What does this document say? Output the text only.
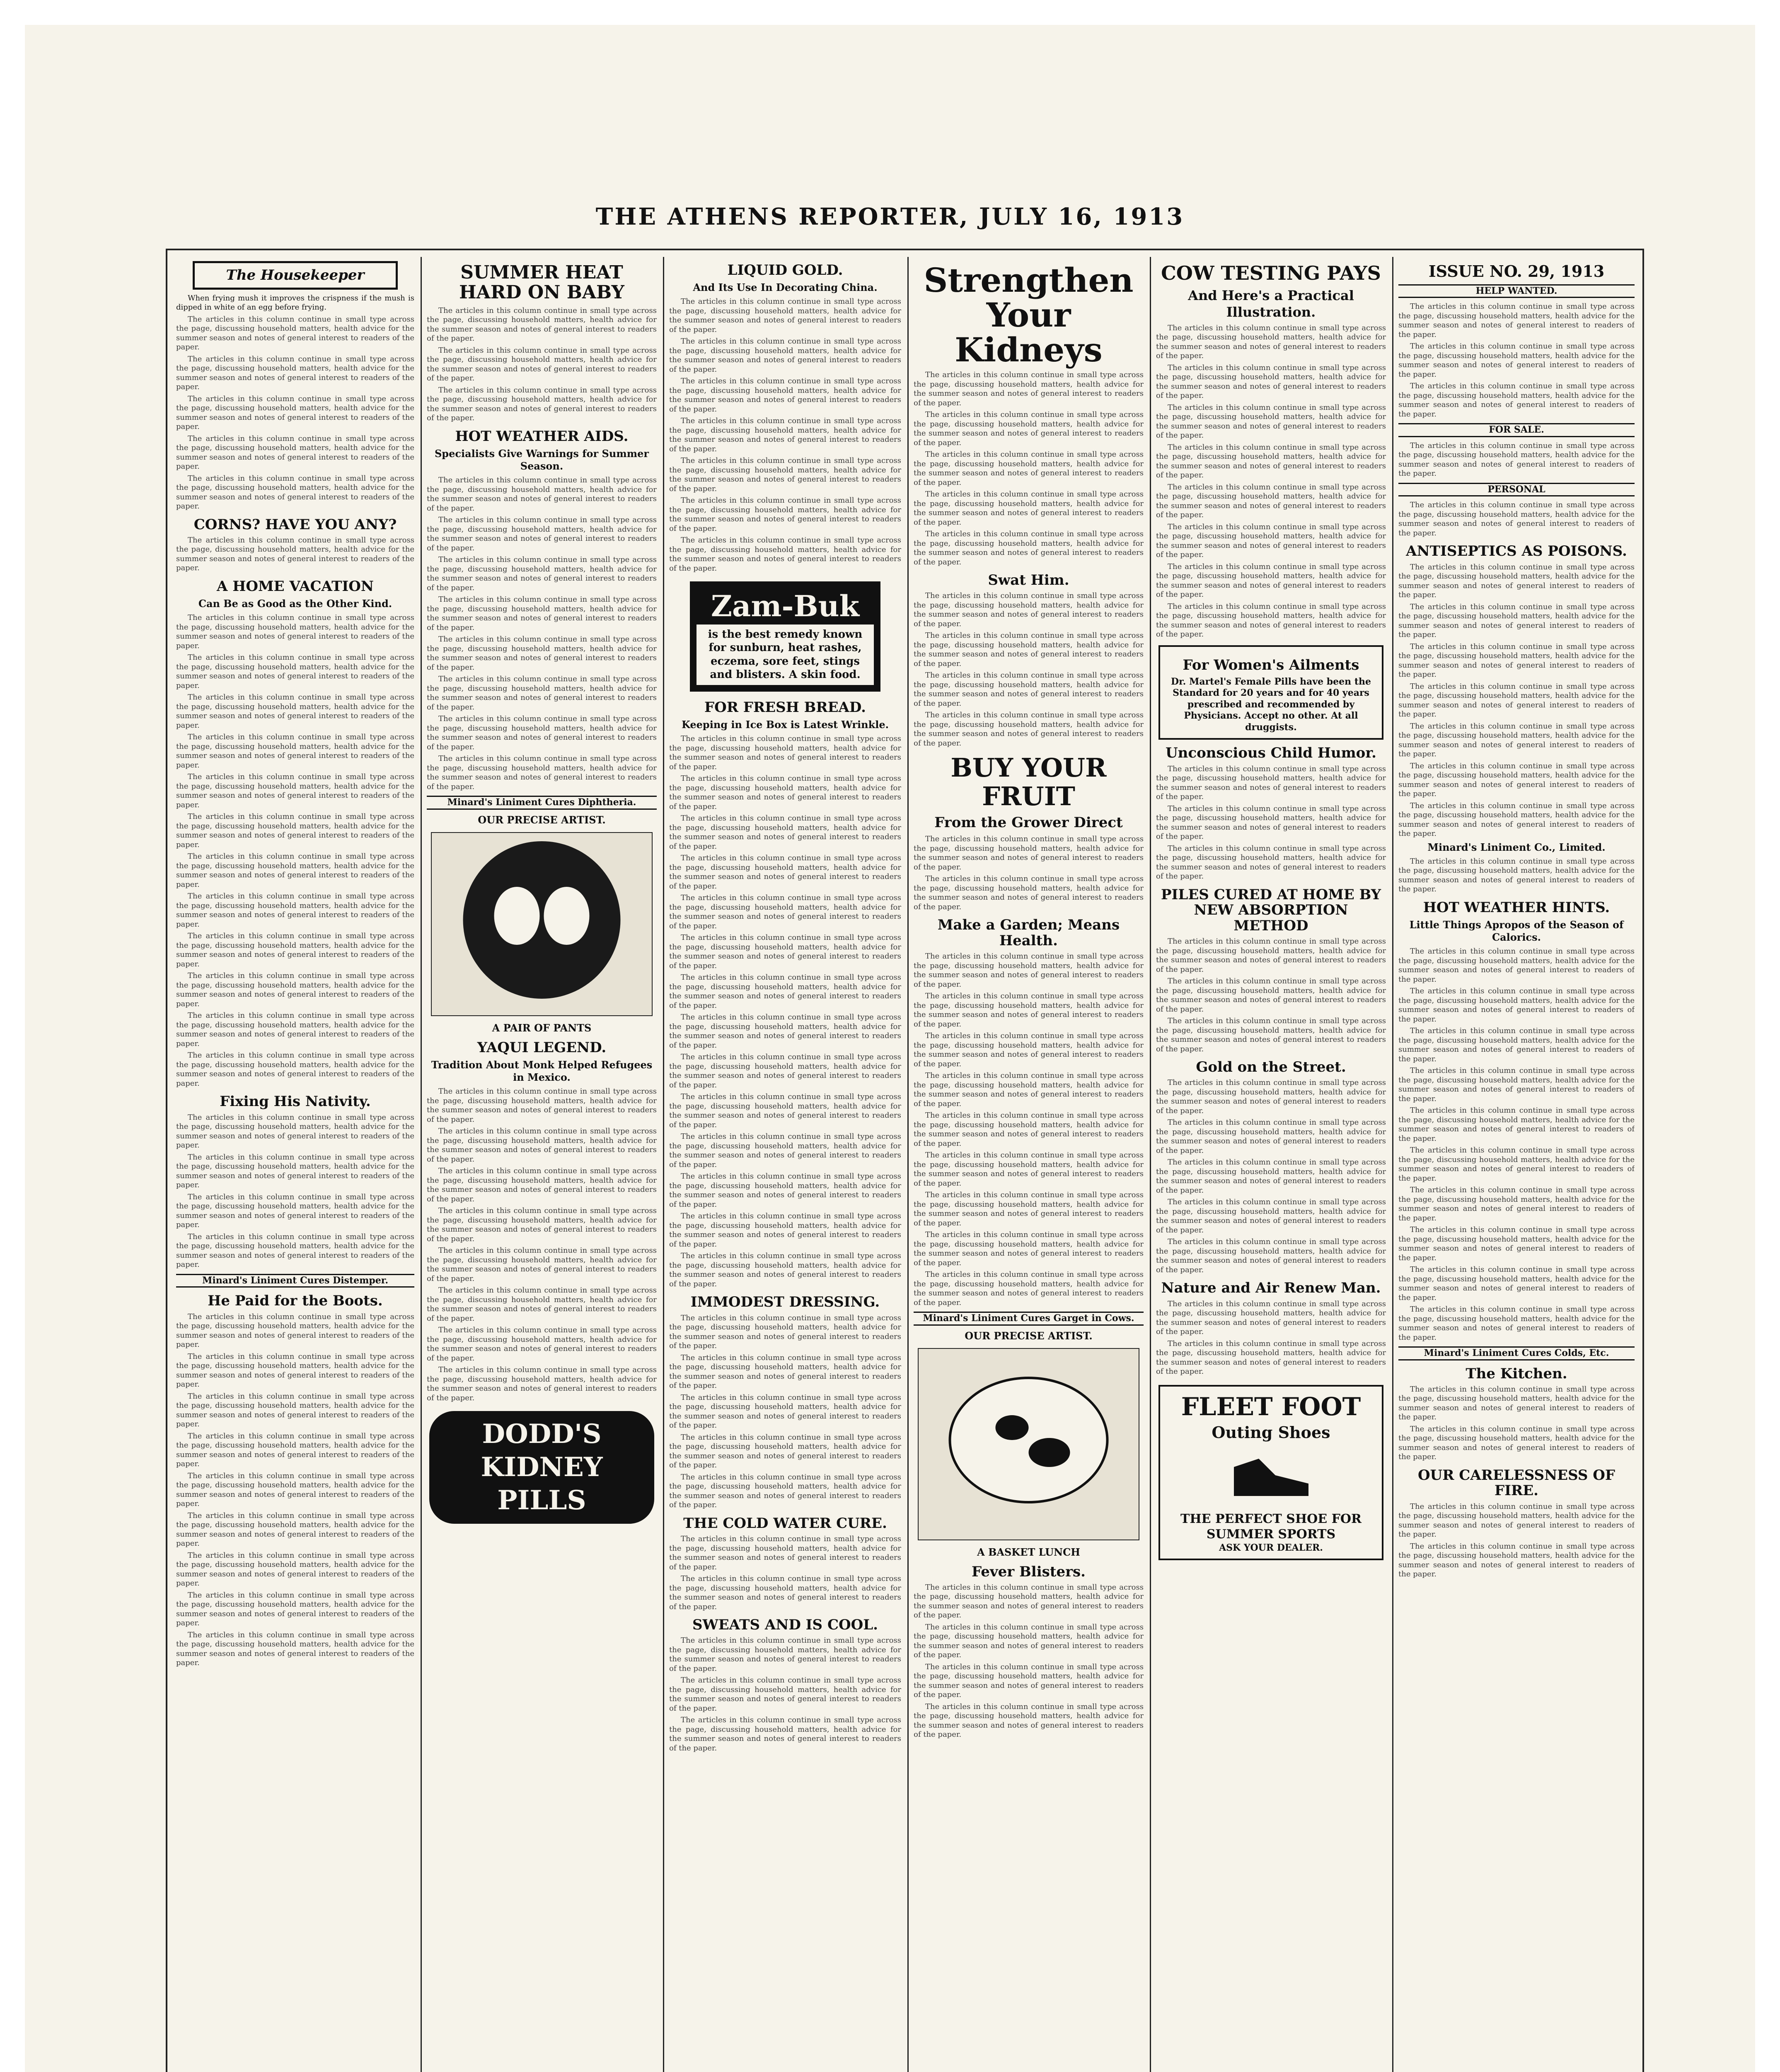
THE ATHENS REPORTER, JULY 16, 1913
The Housekeeper

When frying mush it improves the crispness if the mush is dipped in white of an egg before frying.

The articles in this column continue in small type across the page, discussing household matters, health advice for the summer season and notes of general interest to readers of the paper.

The articles in this column continue in small type across the page, discussing household matters, health advice for the summer season and notes of general interest to readers of the paper.

The articles in this column continue in small type across the page, discussing household matters, health advice for the summer season and notes of general interest to readers of the paper.

The articles in this column continue in small type across the page, discussing household matters, health advice for the summer season and notes of general interest to readers of the paper.

The articles in this column continue in small type across the page, discussing household matters, health advice for the summer season and notes of general interest to readers of the paper.

CORNS? HAVE YOU ANY?

The articles in this column continue in small type across the page, discussing household matters, health advice for the summer season and notes of general interest to readers of the paper.

A HOME VACATION
Can Be as Good as the Other Kind.

The articles in this column continue in small type across the page, discussing household matters, health advice for the summer season and notes of general interest to readers of the paper.

The articles in this column continue in small type across the page, discussing household matters, health advice for the summer season and notes of general interest to readers of the paper.

The articles in this column continue in small type across the page, discussing household matters, health advice for the summer season and notes of general interest to readers of the paper.

The articles in this column continue in small type across the page, discussing household matters, health advice for the summer season and notes of general interest to readers of the paper.

The articles in this column continue in small type across the page, discussing household matters, health advice for the summer season and notes of general interest to readers of the paper.

The articles in this column continue in small type across the page, discussing household matters, health advice for the summer season and notes of general interest to readers of the paper.

The articles in this column continue in small type across the page, discussing household matters, health advice for the summer season and notes of general interest to readers of the paper.

The articles in this column continue in small type across the page, discussing household matters, health advice for the summer season and notes of general interest to readers of the paper.

The articles in this column continue in small type across the page, discussing household matters, health advice for the summer season and notes of general interest to readers of the paper.

The articles in this column continue in small type across the page, discussing household matters, health advice for the summer season and notes of general interest to readers of the paper.

The articles in this column continue in small type across the page, discussing household matters, health advice for the summer season and notes of general interest to readers of the paper.

The articles in this column continue in small type across the page, discussing household matters, health advice for the summer season and notes of general interest to readers of the paper.

Fixing His Nativity.

The articles in this column continue in small type across the page, discussing household matters, health advice for the summer season and notes of general interest to readers of the paper.

The articles in this column continue in small type across the page, discussing household matters, health advice for the summer season and notes of general interest to readers of the paper.

The articles in this column continue in small type across the page, discussing household matters, health advice for the summer season and notes of general interest to readers of the paper.

The articles in this column continue in small type across the page, discussing household matters, health advice for the summer season and notes of general interest to readers of the paper.

Minard's Liniment Cures Distemper.
He Paid for the Boots.

The articles in this column continue in small type across the page, discussing household matters, health advice for the summer season and notes of general interest to readers of the paper.

The articles in this column continue in small type across the page, discussing household matters, health advice for the summer season and notes of general interest to readers of the paper.

The articles in this column continue in small type across the page, discussing household matters, health advice for the summer season and notes of general interest to readers of the paper.

The articles in this column continue in small type across the page, discussing household matters, health advice for the summer season and notes of general interest to readers of the paper.

The articles in this column continue in small type across the page, discussing household matters, health advice for the summer season and notes of general interest to readers of the paper.

The articles in this column continue in small type across the page, discussing household matters, health advice for the summer season and notes of general interest to readers of the paper.

The articles in this column continue in small type across the page, discussing household matters, health advice for the summer season and notes of general interest to readers of the paper.

The articles in this column continue in small type across the page, discussing household matters, health advice for the summer season and notes of general interest to readers of the paper.

The articles in this column continue in small type across the page, discussing household matters, health advice for the summer season and notes of general interest to readers of the paper.

SUMMER HEAT HARD ON BABY

The articles in this column continue in small type across the page, discussing household matters, health advice for the summer season and notes of general interest to readers of the paper.

The articles in this column continue in small type across the page, discussing household matters, health advice for the summer season and notes of general interest to readers of the paper.

The articles in this column continue in small type across the page, discussing household matters, health advice for the summer season and notes of general interest to readers of the paper.

HOT WEATHER AIDS.
Specialists Give Warnings for Summer Season.

The articles in this column continue in small type across the page, discussing household matters, health advice for the summer season and notes of general interest to readers of the paper.

The articles in this column continue in small type across the page, discussing household matters, health advice for the summer season and notes of general interest to readers of the paper.

The articles in this column continue in small type across the page, discussing household matters, health advice for the summer season and notes of general interest to readers of the paper.

The articles in this column continue in small type across the page, discussing household matters, health advice for the summer season and notes of general interest to readers of the paper.

The articles in this column continue in small type across the page, discussing household matters, health advice for the summer season and notes of general interest to readers of the paper.

The articles in this column continue in small type across the page, discussing household matters, health advice for the summer season and notes of general interest to readers of the paper.

The articles in this column continue in small type across the page, discussing household matters, health advice for the summer season and notes of general interest to readers of the paper.

The articles in this column continue in small type across the page, discussing household matters, health advice for the summer season and notes of general interest to readers of the paper.

Minard's Liniment Cures Diphtheria.
OUR PRECISE ARTIST.
A PAIR OF PANTS
YAQUI LEGEND.
Tradition About Monk Helped Refugees in Mexico.

The articles in this column continue in small type across the page, discussing household matters, health advice for the summer season and notes of general interest to readers of the paper.

The articles in this column continue in small type across the page, discussing household matters, health advice for the summer season and notes of general interest to readers of the paper.

The articles in this column continue in small type across the page, discussing household matters, health advice for the summer season and notes of general interest to readers of the paper.

The articles in this column continue in small type across the page, discussing household matters, health advice for the summer season and notes of general interest to readers of the paper.

The articles in this column continue in small type across the page, discussing household matters, health advice for the summer season and notes of general interest to readers of the paper.

The articles in this column continue in small type across the page, discussing household matters, health advice for the summer season and notes of general interest to readers of the paper.

The articles in this column continue in small type across the page, discussing household matters, health advice for the summer season and notes of general interest to readers of the paper.

The articles in this column continue in small type across the page, discussing household matters, health advice for the summer season and notes of general interest to readers of the paper.

DODD'S
KIDNEY
PILLS
LIQUID GOLD.
And Its Use In Decorating China.

The articles in this column continue in small type across the page, discussing household matters, health advice for the summer season and notes of general interest to readers of the paper.

The articles in this column continue in small type across the page, discussing household matters, health advice for the summer season and notes of general interest to readers of the paper.

The articles in this column continue in small type across the page, discussing household matters, health advice for the summer season and notes of general interest to readers of the paper.

The articles in this column continue in small type across the page, discussing household matters, health advice for the summer season and notes of general interest to readers of the paper.

The articles in this column continue in small type across the page, discussing household matters, health advice for the summer season and notes of general interest to readers of the paper.

The articles in this column continue in small type across the page, discussing household matters, health advice for the summer season and notes of general interest to readers of the paper.

The articles in this column continue in small type across the page, discussing household matters, health advice for the summer season and notes of general interest to readers of the paper.

Zam-Buk
is the best remedy known for sunburn, heat rashes, eczema, sore feet, stings and blisters. A skin food.
FOR FRESH BREAD.
Keeping in Ice Box is Latest Wrinkle.

The articles in this column continue in small type across the page, discussing household matters, health advice for the summer season and notes of general interest to readers of the paper.

The articles in this column continue in small type across the page, discussing household matters, health advice for the summer season and notes of general interest to readers of the paper.

The articles in this column continue in small type across the page, discussing household matters, health advice for the summer season and notes of general interest to readers of the paper.

The articles in this column continue in small type across the page, discussing household matters, health advice for the summer season and notes of general interest to readers of the paper.

The articles in this column continue in small type across the page, discussing household matters, health advice for the summer season and notes of general interest to readers of the paper.

The articles in this column continue in small type across the page, discussing household matters, health advice for the summer season and notes of general interest to readers of the paper.

The articles in this column continue in small type across the page, discussing household matters, health advice for the summer season and notes of general interest to readers of the paper.

The articles in this column continue in small type across the page, discussing household matters, health advice for the summer season and notes of general interest to readers of the paper.

The articles in this column continue in small type across the page, discussing household matters, health advice for the summer season and notes of general interest to readers of the paper.

The articles in this column continue in small type across the page, discussing household matters, health advice for the summer season and notes of general interest to readers of the paper.

The articles in this column continue in small type across the page, discussing household matters, health advice for the summer season and notes of general interest to readers of the paper.

The articles in this column continue in small type across the page, discussing household matters, health advice for the summer season and notes of general interest to readers of the paper.

The articles in this column continue in small type across the page, discussing household matters, health advice for the summer season and notes of general interest to readers of the paper.

The articles in this column continue in small type across the page, discussing household matters, health advice for the summer season and notes of general interest to readers of the paper.

IMMODEST DRESSING.

The articles in this column continue in small type across the page, discussing household matters, health advice for the summer season and notes of general interest to readers of the paper.

The articles in this column continue in small type across the page, discussing household matters, health advice for the summer season and notes of general interest to readers of the paper.

The articles in this column continue in small type across the page, discussing household matters, health advice for the summer season and notes of general interest to readers of the paper.

The articles in this column continue in small type across the page, discussing household matters, health advice for the summer season and notes of general interest to readers of the paper.

The articles in this column continue in small type across the page, discussing household matters, health advice for the summer season and notes of general interest to readers of the paper.

THE COLD WATER CURE.

The articles in this column continue in small type across the page, discussing household matters, health advice for the summer season and notes of general interest to readers of the paper.

The articles in this column continue in small type across the page, discussing household matters, health advice for the summer season and notes of general interest to readers of the paper.

SWEATS AND IS COOL.

The articles in this column continue in small type across the page, discussing household matters, health advice for the summer season and notes of general interest to readers of the paper.

The articles in this column continue in small type across the page, discussing household matters, health advice for the summer season and notes of general interest to readers of the paper.

The articles in this column continue in small type across the page, discussing household matters, health advice for the summer season and notes of general interest to readers of the paper.

Strengthen Your Kidneys

The articles in this column continue in small type across the page, discussing household matters, health advice for the summer season and notes of general interest to readers of the paper.

The articles in this column continue in small type across the page, discussing household matters, health advice for the summer season and notes of general interest to readers of the paper.

The articles in this column continue in small type across the page, discussing household matters, health advice for the summer season and notes of general interest to readers of the paper.

The articles in this column continue in small type across the page, discussing household matters, health advice for the summer season and notes of general interest to readers of the paper.

The articles in this column continue in small type across the page, discussing household matters, health advice for the summer season and notes of general interest to readers of the paper.

Swat Him.

The articles in this column continue in small type across the page, discussing household matters, health advice for the summer season and notes of general interest to readers of the paper.

The articles in this column continue in small type across the page, discussing household matters, health advice for the summer season and notes of general interest to readers of the paper.

The articles in this column continue in small type across the page, discussing household matters, health advice for the summer season and notes of general interest to readers of the paper.

The articles in this column continue in small type across the page, discussing household matters, health advice for the summer season and notes of general interest to readers of the paper.

BUY YOUR FRUIT
From the Grower Direct

The articles in this column continue in small type across the page, discussing household matters, health advice for the summer season and notes of general interest to readers of the paper.

The articles in this column continue in small type across the page, discussing household matters, health advice for the summer season and notes of general interest to readers of the paper.

Make a Garden; Means Health.

The articles in this column continue in small type across the page, discussing household matters, health advice for the summer season and notes of general interest to readers of the paper.

The articles in this column continue in small type across the page, discussing household matters, health advice for the summer season and notes of general interest to readers of the paper.

The articles in this column continue in small type across the page, discussing household matters, health advice for the summer season and notes of general interest to readers of the paper.

The articles in this column continue in small type across the page, discussing household matters, health advice for the summer season and notes of general interest to readers of the paper.

The articles in this column continue in small type across the page, discussing household matters, health advice for the summer season and notes of general interest to readers of the paper.

The articles in this column continue in small type across the page, discussing household matters, health advice for the summer season and notes of general interest to readers of the paper.

The articles in this column continue in small type across the page, discussing household matters, health advice for the summer season and notes of general interest to readers of the paper.

The articles in this column continue in small type across the page, discussing household matters, health advice for the summer season and notes of general interest to readers of the paper.

The articles in this column continue in small type across the page, discussing household matters, health advice for the summer season and notes of general interest to readers of the paper.

Minard's Liniment Cures Garget in Cows.
OUR PRECISE ARTIST.
A BASKET LUNCH
Fever Blisters.

The articles in this column continue in small type across the page, discussing household matters, health advice for the summer season and notes of general interest to readers of the paper.

The articles in this column continue in small type across the page, discussing household matters, health advice for the summer season and notes of general interest to readers of the paper.

The articles in this column continue in small type across the page, discussing household matters, health advice for the summer season and notes of general interest to readers of the paper.

The articles in this column continue in small type across the page, discussing household matters, health advice for the summer season and notes of general interest to readers of the paper.

COW TESTING PAYS
And Here's a Practical Illustration.

The articles in this column continue in small type across the page, discussing household matters, health advice for the summer season and notes of general interest to readers of the paper.

The articles in this column continue in small type across the page, discussing household matters, health advice for the summer season and notes of general interest to readers of the paper.

The articles in this column continue in small type across the page, discussing household matters, health advice for the summer season and notes of general interest to readers of the paper.

The articles in this column continue in small type across the page, discussing household matters, health advice for the summer season and notes of general interest to readers of the paper.

The articles in this column continue in small type across the page, discussing household matters, health advice for the summer season and notes of general interest to readers of the paper.

The articles in this column continue in small type across the page, discussing household matters, health advice for the summer season and notes of general interest to readers of the paper.

The articles in this column continue in small type across the page, discussing household matters, health advice for the summer season and notes of general interest to readers of the paper.

The articles in this column continue in small type across the page, discussing household matters, health advice for the summer season and notes of general interest to readers of the paper.

For Women's Ailments
Dr. Martel's Female Pills have been the Standard for 20 years and for 40 years prescribed and recommended by Physicians. Accept no other. At all druggists.
Unconscious Child Humor.

The articles in this column continue in small type across the page, discussing household matters, health advice for the summer season and notes of general interest to readers of the paper.

The articles in this column continue in small type across the page, discussing household matters, health advice for the summer season and notes of general interest to readers of the paper.

The articles in this column continue in small type across the page, discussing household matters, health advice for the summer season and notes of general interest to readers of the paper.

PILES CURED AT HOME BY NEW ABSORPTION METHOD

The articles in this column continue in small type across the page, discussing household matters, health advice for the summer season and notes of general interest to readers of the paper.

The articles in this column continue in small type across the page, discussing household matters, health advice for the summer season and notes of general interest to readers of the paper.

The articles in this column continue in small type across the page, discussing household matters, health advice for the summer season and notes of general interest to readers of the paper.

Gold on the Street.

The articles in this column continue in small type across the page, discussing household matters, health advice for the summer season and notes of general interest to readers of the paper.

The articles in this column continue in small type across the page, discussing household matters, health advice for the summer season and notes of general interest to readers of the paper.

The articles in this column continue in small type across the page, discussing household matters, health advice for the summer season and notes of general interest to readers of the paper.

The articles in this column continue in small type across the page, discussing household matters, health advice for the summer season and notes of general interest to readers of the paper.

The articles in this column continue in small type across the page, discussing household matters, health advice for the summer season and notes of general interest to readers of the paper.

Nature and Air Renew Man.

The articles in this column continue in small type across the page, discussing household matters, health advice for the summer season and notes of general interest to readers of the paper.

The articles in this column continue in small type across the page, discussing household matters, health advice for the summer season and notes of general interest to readers of the paper.

FLEET FOOT
Outing Shoes
THE PERFECT SHOE FOR SUMMER SPORTS
ASK YOUR DEALER.
ISSUE NO. 29, 1913
HELP WANTED.

The articles in this column continue in small type across the page, discussing household matters, health advice for the summer season and notes of general interest to readers of the paper.

The articles in this column continue in small type across the page, discussing household matters, health advice for the summer season and notes of general interest to readers of the paper.

The articles in this column continue in small type across the page, discussing household matters, health advice for the summer season and notes of general interest to readers of the paper.

FOR SALE.

The articles in this column continue in small type across the page, discussing household matters, health advice for the summer season and notes of general interest to readers of the paper.

PERSONAL

The articles in this column continue in small type across the page, discussing household matters, health advice for the summer season and notes of general interest to readers of the paper.

ANTISEPTICS AS POISONS.

The articles in this column continue in small type across the page, discussing household matters, health advice for the summer season and notes of general interest to readers of the paper.

The articles in this column continue in small type across the page, discussing household matters, health advice for the summer season and notes of general interest to readers of the paper.

The articles in this column continue in small type across the page, discussing household matters, health advice for the summer season and notes of general interest to readers of the paper.

The articles in this column continue in small type across the page, discussing household matters, health advice for the summer season and notes of general interest to readers of the paper.

The articles in this column continue in small type across the page, discussing household matters, health advice for the summer season and notes of general interest to readers of the paper.

The articles in this column continue in small type across the page, discussing household matters, health advice for the summer season and notes of general interest to readers of the paper.

The articles in this column continue in small type across the page, discussing household matters, health advice for the summer season and notes of general interest to readers of the paper.

Minard's Liniment Co., Limited.

The articles in this column continue in small type across the page, discussing household matters, health advice for the summer season and notes of general interest to readers of the paper.

HOT WEATHER HINTS.
Little Things Apropos of the Season of Calorics.

The articles in this column continue in small type across the page, discussing household matters, health advice for the summer season and notes of general interest to readers of the paper.

The articles in this column continue in small type across the page, discussing household matters, health advice for the summer season and notes of general interest to readers of the paper.

The articles in this column continue in small type across the page, discussing household matters, health advice for the summer season and notes of general interest to readers of the paper.

The articles in this column continue in small type across the page, discussing household matters, health advice for the summer season and notes of general interest to readers of the paper.

The articles in this column continue in small type across the page, discussing household matters, health advice for the summer season and notes of general interest to readers of the paper.

The articles in this column continue in small type across the page, discussing household matters, health advice for the summer season and notes of general interest to readers of the paper.

The articles in this column continue in small type across the page, discussing household matters, health advice for the summer season and notes of general interest to readers of the paper.

The articles in this column continue in small type across the page, discussing household matters, health advice for the summer season and notes of general interest to readers of the paper.

The articles in this column continue in small type across the page, discussing household matters, health advice for the summer season and notes of general interest to readers of the paper.

The articles in this column continue in small type across the page, discussing household matters, health advice for the summer season and notes of general interest to readers of the paper.

Minard's Liniment Cures Colds, Etc.
The Kitchen.

The articles in this column continue in small type across the page, discussing household matters, health advice for the summer season and notes of general interest to readers of the paper.

The articles in this column continue in small type across the page, discussing household matters, health advice for the summer season and notes of general interest to readers of the paper.

OUR CARELESSNESS OF FIRE.

The articles in this column continue in small type across the page, discussing household matters, health advice for the summer season and notes of general interest to readers of the paper.

The articles in this column continue in small type across the page, discussing household matters, health advice for the summer season and notes of general interest to readers of the paper.
